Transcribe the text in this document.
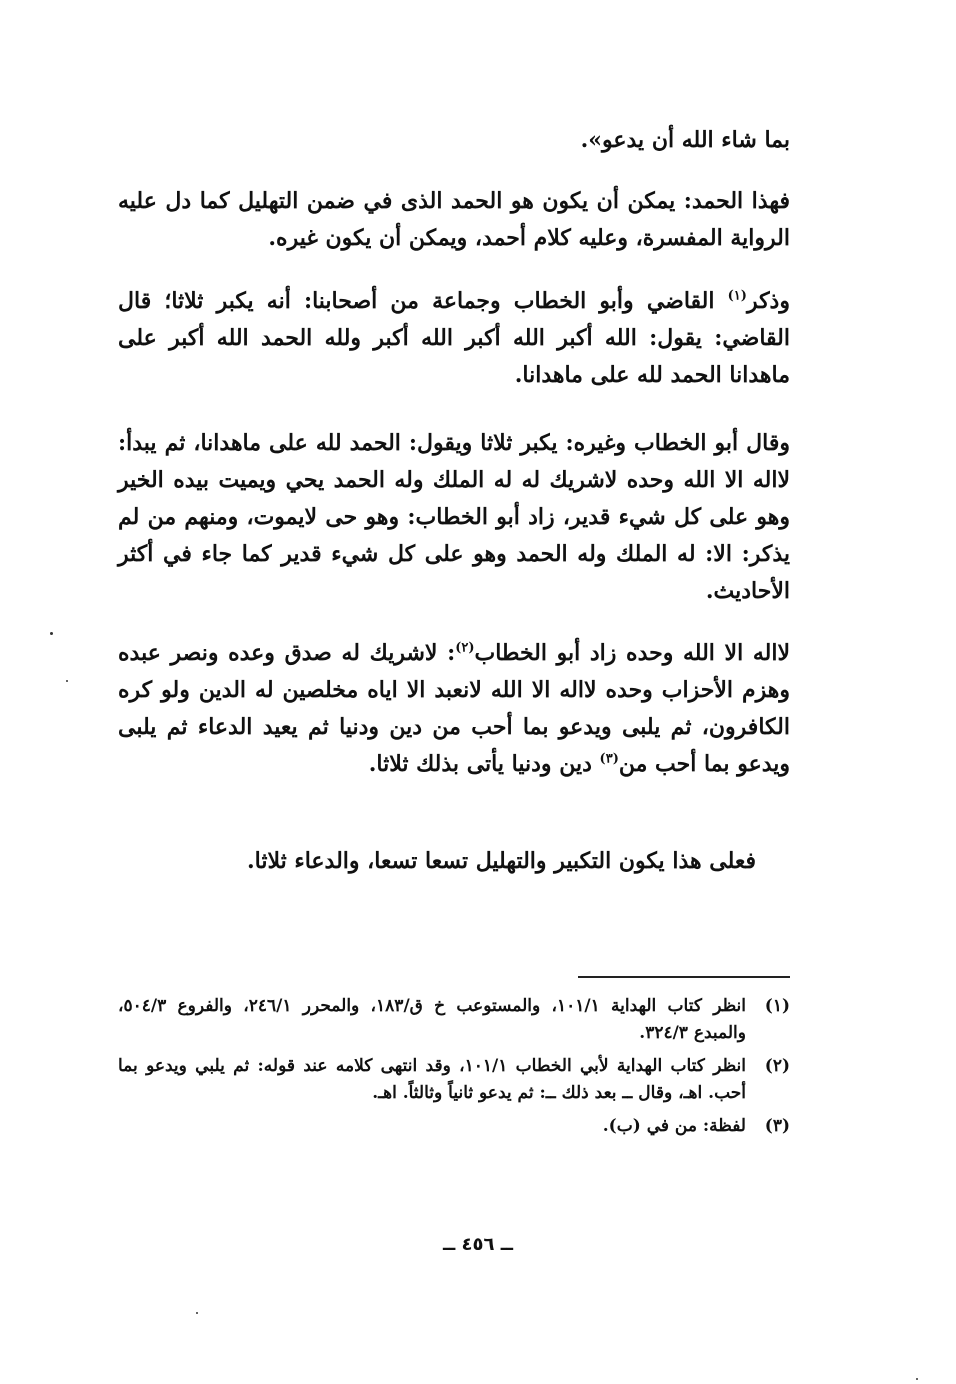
بما شاء الله أن يدعو».
فهذا الحمد: يمكن أن يكون هو الحمد الذى في ضمن التهليل كما دل عليه الرواية المفسرة، وعليه كلام أحمد، ويمكن أن يكون غيره.
وذكر$^{(١)}$ القاضي وأبو الخطاب وجماعة من أصحابنا: أنه يكبر ثلاثا؛ قال القاضي: يقول: الله أكبر الله أكبر الله أكبر ولله الحمد الله أكبر على ماهدانا الحمد لله على ماهدانا.
وقال أبو الخطاب وغيره: يكبر ثلاثا ويقول: الحمد لله على ماهدانا، ثم يبدأ: لااله الا الله وحده لاشريك له له الملك وله الحمد يحي ويميت بيده الخير وهو على كل شيء قدير، زاد أبو الخطاب: وهو حى لايموت، ومنهم من لم يذكر: الا: له الملك وله الحمد وهو على كل شيء قدير كما جاء في أكثر الأحاديث.
لااله الا الله وحده زاد أبو الخطاب$^{(٢)}$: لاشريك له صدق وعده ونصر عبده وهزم الأحزاب وحده لااله الا الله لانعبد الا اياه مخلصين له الدين ولو كره الكافرون، ثم يلبى ويدعو بما أحب من دين ودنيا ثم يعيد الدعاء ثم يلبى ويدعو بما أحب من$^{(٣)}$ دين ودنيا يأتى بذلك ثلاثا.
فعلى هذا يكون التكبير والتهليل تسعا تسعا، والدعاء ثلاثا.
(١)
انظر كتاب الهداية ١٠١/١، والمستوعب خ ق/١٨٣، والمحرر ٢٤٦/١، والفروع ٥٠٤/٣، والمبدع ٣٢٤/٣.
(٢)
انظر كتاب الهداية لأبي الخطاب ١٠١/١، وقد انتهى كلامه عند قوله: ثم يلبي ويدعو بما أحب. اهـ، وقال ــ بعد ذلك ــ: ثم يدعو ثانياً وثالثاً. اهـ.
(٣)
لفظة: من في (ب).
ــ ٤٥٦ ــ
